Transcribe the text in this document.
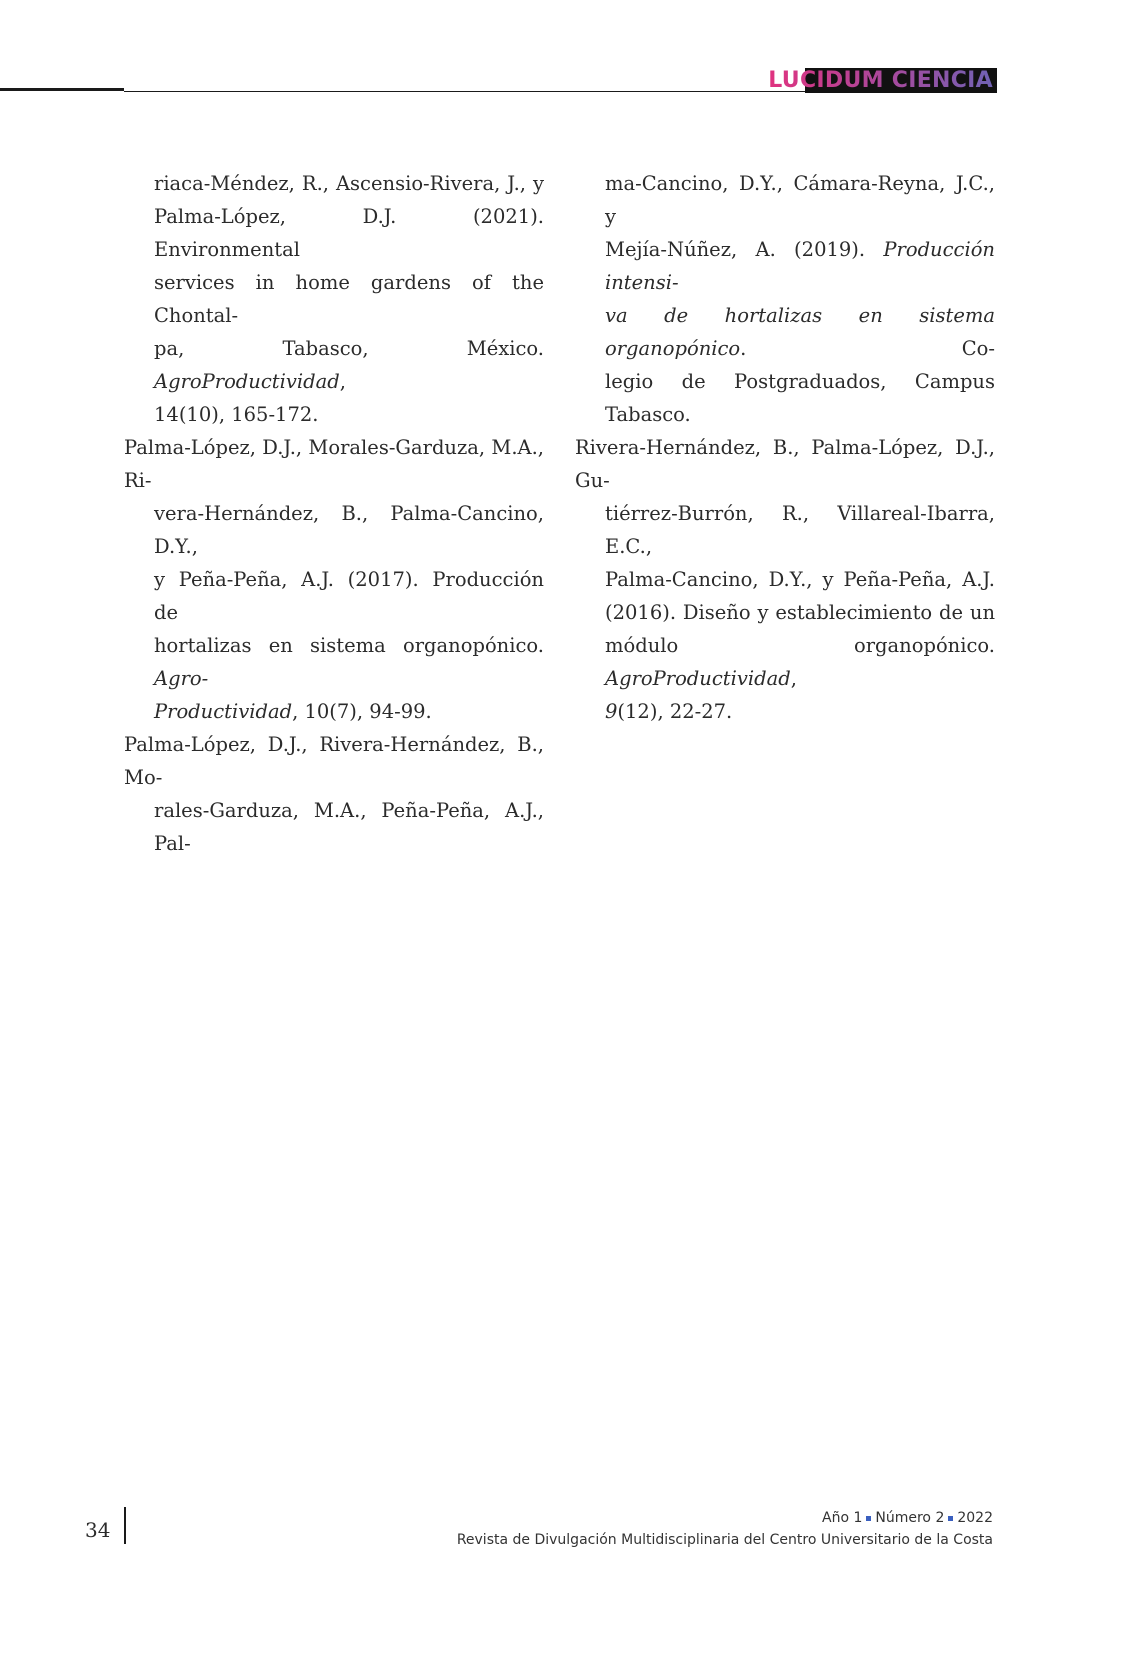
LUCIDUM CIENCIA

riaca-Méndez, R., Ascensio-Rivera, J., y
Palma-López, D.J. (2021). Environmental
services in home gardens of the Chontal-
pa, Tabasco, México. AgroProductividad,
14(10), 165-172.

Palma-López, D.J., Morales-Garduza, M.A., Ri-
vera-Hernández, B., Palma-Cancino, D.Y.,
y Peña-Peña, A.J. (2017). Producción de
hortalizas en sistema organopónico. Agro-
Productividad, 10(7), 94-99.

Palma-López, D.J., Rivera-Hernández, B., Mo-
rales-Garduza, M.A., Peña-Peña, A.J., Pal-

ma-Cancino, D.Y., Cámara-Reyna, J.C., y
Mejía-Núñez, A. (2019). Producción intensi-
va de hortalizas en sistema organopónico. Co-
legio de Postgraduados, Campus Tabasco.

Rivera-Hernández, B., Palma-López, D.J., Gu-
tiérrez-Burrón, R., Villareal-Ibarra, E.C.,
Palma-Cancino, D.Y., y Peña-Peña, A.J.
(2016). Diseño y establecimiento de un
módulo organopónico. AgroProductividad,
9(12), 22-27.

34	Año 1 Número 2 2022
Revista de Divulgación Multidisciplinaria del Centro Universitario de la Costa
